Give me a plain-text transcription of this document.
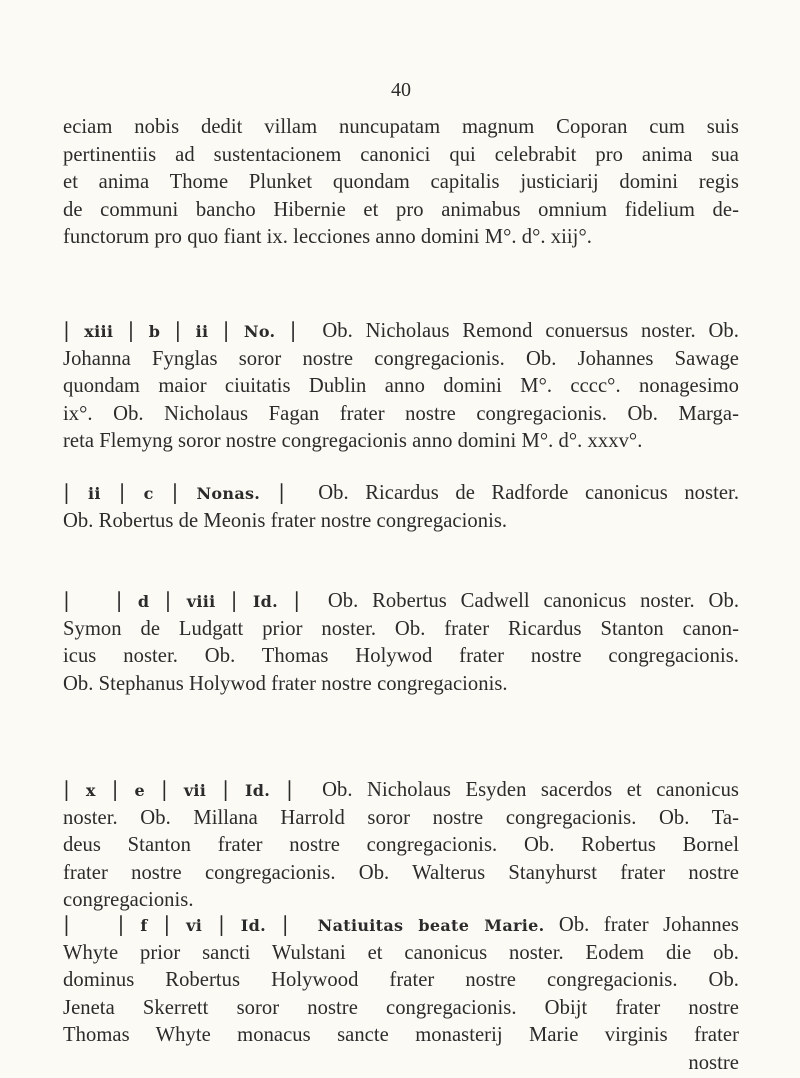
40

eciam nobis dedit villam nuncupatam magnum Coporan cum suis
pertinentiis ad sustentacionem canonici qui celebrabit pro anima sua
et anima Thome Plunket quondam capitalis justiciarij domini regis
de communi bancho Hibernie et pro animabus omnium fidelium de-
functorum pro quo fiant ix. lecciones anno domini M°. d°. xiij°.

| xiii | b | ii | No. | Ob. Nicholaus Remond conuersus noster. Ob.
Johanna Fynglas soror nostre congregacionis. Ob. Johannes Sawage
quondam maior ciuitatis Dublin anno domini M°. cccc°. nonagesimo
ix°. Ob. Nicholaus Fagan frater nostre congregacionis. Ob. Marga-
reta Flemyng soror nostre congregacionis anno domini M°. d°. xxxv°.

| ii | c | Nonas. | Ob. Ricardus de Radforde canonicus noster.
Ob. Robertus de Meonis frater nostre congregacionis.

|   | d | viii | Id. | Ob. Robertus Cadwell canonicus noster. Ob.
Symon de Ludgatt prior noster. Ob. frater Ricardus Stanton canon-
icus noster. Ob. Thomas Holywod frater nostre congregacionis.
Ob. Stephanus Holywod frater nostre congregacionis.

| x | e | vii | Id. | Ob. Nicholaus Esyden sacerdos et canonicus
noster. Ob. Millana Harrold soror nostre congregacionis. Ob. Ta-
deus Stanton frater nostre congregacionis. Ob. Robertus Bornel
frater nostre congregacionis. Ob. Walterus Stanyhurst frater nostre
congregacionis.

|   | f | vi | Id. | Natiuitas beate Marie. Ob. frater Johannes
Whyte prior sancti Wulstani et canonicus noster. Eodem die ob.
dominus Robertus Holywood frater nostre congregacionis. Ob.
Jeneta Skerrett soror nostre congregacionis. Obijt frater nostre
Thomas Whyte monacus sancte monasterij Marie virginis frater
nostre
